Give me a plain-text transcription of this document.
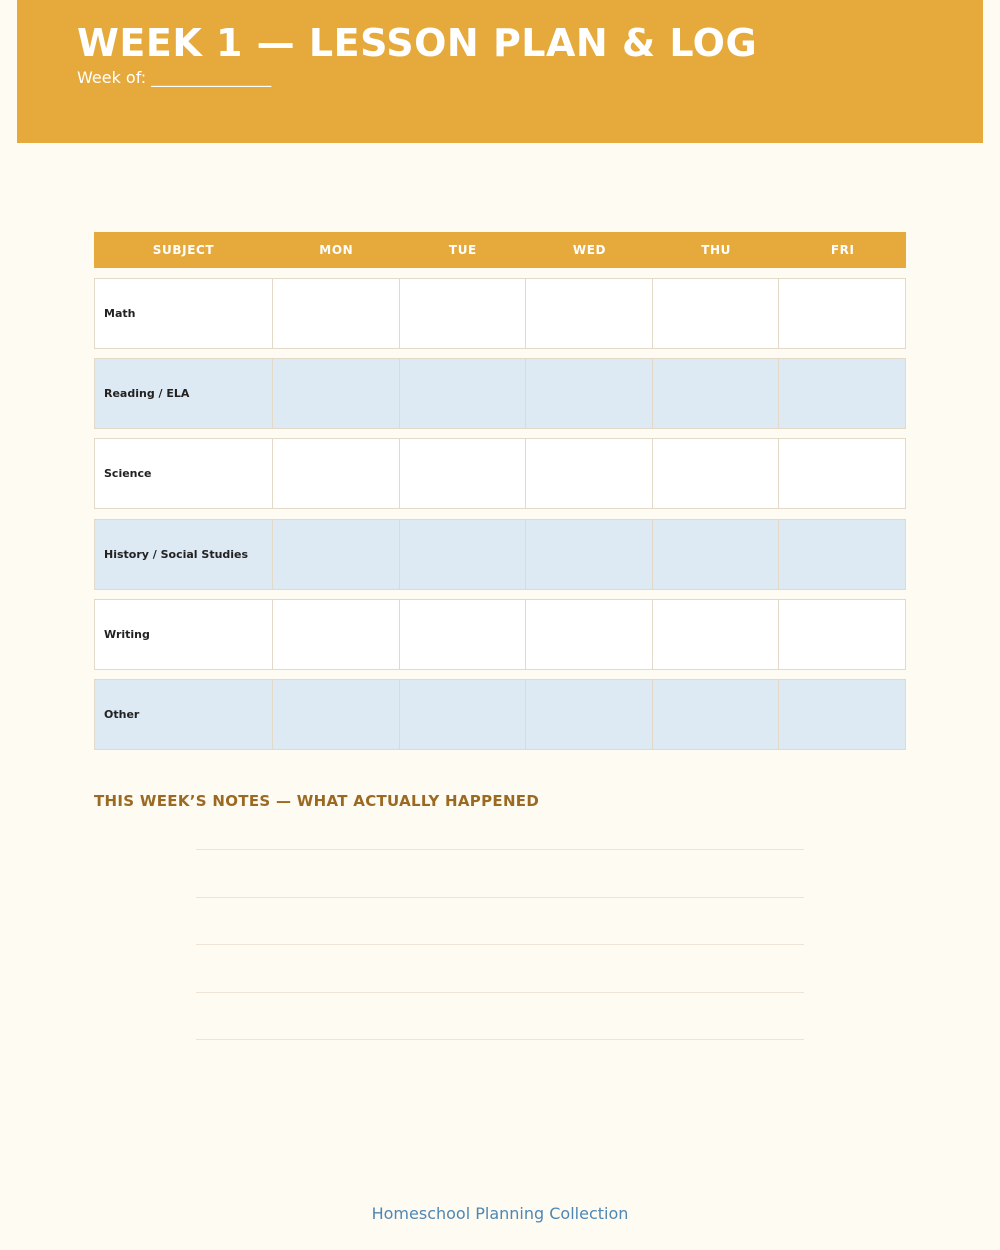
WEEK 1 — LESSON PLAN & LOG
Week of: _______________
SUBJECT	MON	TUE	WED	THU	FRI
Math
Reading / ELA
Science
History / Social Studies
Writing
Other
THIS WEEK’S NOTES — WHAT ACTUALLY HAPPENED
Homeschool Planning Collection
